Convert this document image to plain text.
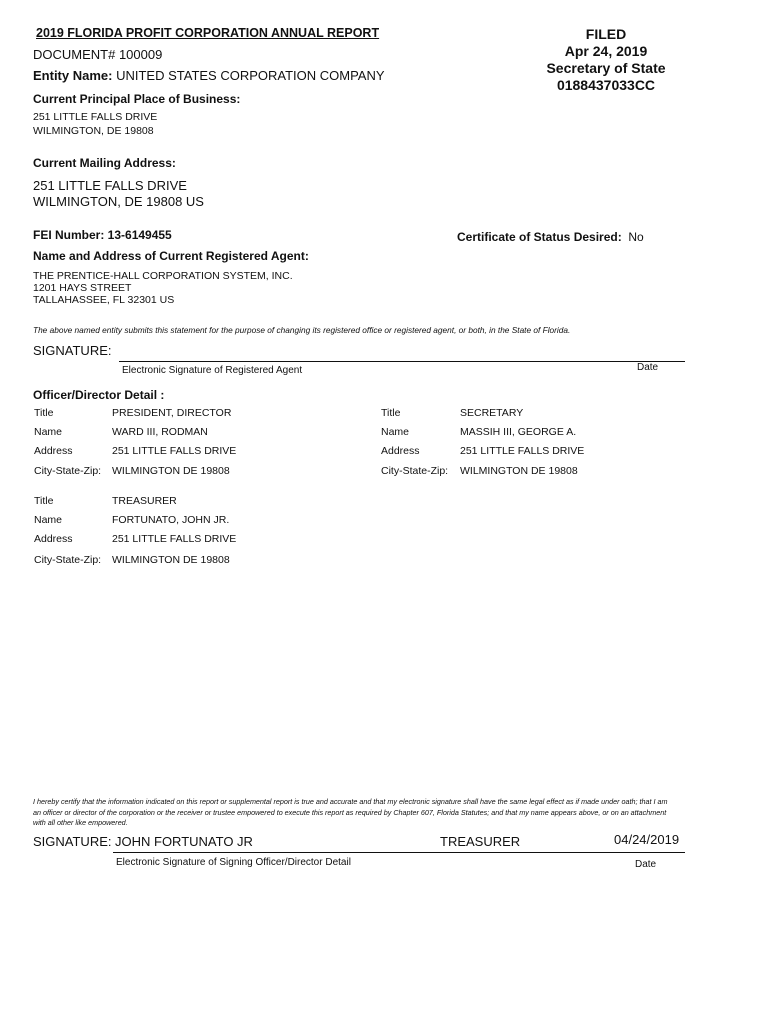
2019 FLORIDA PROFIT CORPORATION ANNUAL REPORT	FILED
Apr 24, 2019
Secretary of State
0188437033CC
DOCUMENT# 100009
Entity Name: UNITED STATES CORPORATION COMPANY
Current Principal Place of Business:
251 LITTLE FALLS DRIVE
WILMINGTON, DE 19808
Current Mailing Address:
251 LITTLE FALLS DRIVE
WILMINGTON, DE 19808 US
FEI Number: 13-6149455	Certificate of Status Desired: No
Name and Address of Current Registered Agent:
THE PRENTICE-HALL CORPORATION SYSTEM, INC.
1201 HAYS STREET
TALLAHASSEE, FL 32301 US
The above named entity submits this statement for the purpose of changing its registered office or registered agent, or both, in the State of Florida.
SIGNATURE:
Electronic Signature of Registered Agent	Date
Officer/Director Detail :
Title	PRESIDENT, DIRECTOR
Name	WARD III, RODMAN
Address	251 LITTLE FALLS DRIVE
City-State-Zip: WILMINGTON DE 19808
Title	SECRETARY
Name	MASSIH III, GEORGE A.
Address	251 LITTLE FALLS DRIVE
City-State-Zip: WILMINGTON DE 19808
Title	TREASURER
Name	FORTUNATO, JOHN JR.
Address	251 LITTLE FALLS DRIVE
City-State-Zip: WILMINGTON DE 19808
I hereby certify that the information indicated on this report or supplemental report is true and accurate and that my electronic signature shall have the same legal effect as if made under oath; that I am an officer or director of the corporation or the receiver or trustee empowered to execute this report as required by Chapter 607, Florida Statutes; and that my name appears above, or on an attachment with all other like empowered.
SIGNATURE: JOHN FORTUNATO JR	TREASURER	04/24/2019
Electronic Signature of Signing Officer/Director Detail	Date
